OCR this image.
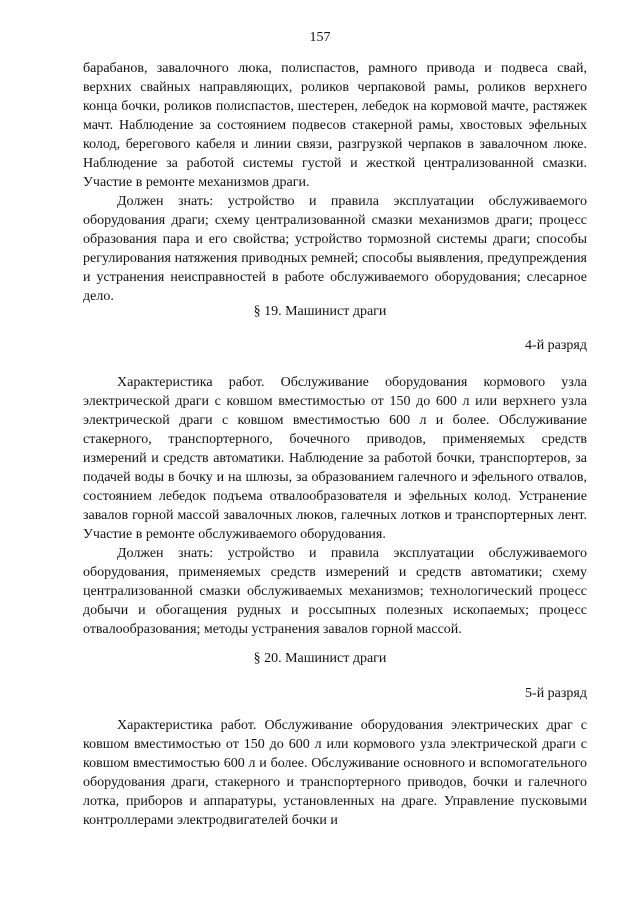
157

барабанов, завалочного люка, полиспастов, рамного привода и подвеса свай, верхних свайных направляющих, роликов черпаковой рамы, роликов верхнего конца бочки, роликов полиспастов, шестерен, лебедок на кормовой мачте, растяжек мачт. Наблюдение за состоянием подвесов стакерной рамы, хвостовых эфельных колод, берегового кабеля и линии связи, разгрузкой черпаков в завалочном люке. Наблюдение за работой системы густой и жесткой централизованной смазки. Участие в ремонте механизмов драги.

Должен знать: устройство и правила эксплуатации обслуживаемого оборудования драги; схему централизованной смазки механизмов драги; процесс образования пара и его свойства; устройство тормозной системы драги; способы регулирования натяжения приводных ремней; способы выявления, предупреждения и устранения неисправностей в работе обслуживаемого оборудования; слесарное дело.

§ 19. Машинист драги
4-й разряд

Характеристика работ. Обслуживание оборудования кормового узла электрической драги с ковшом вместимостью от 150 до 600 л или верхнего узла электрической драги с ковшом вместимостью 600 л и более. Обслуживание стакерного, транспортерного, бочечного приводов, применяемых средств измерений и средств автоматики. Наблюдение за работой бочки, транспортеров, за подачей воды в бочку и на шлюзы, за образованием галечного и эфельного отвалов, состоянием лебедок подъема отвалообразователя и эфельных колод. Устранение завалов горной массой завалочных люков, галечных лотков и транспортерных лент. Участие в ремонте обслуживаемого оборудования.

Должен знать: устройство и правила эксплуатации обслуживаемого оборудования, применяемых средств измерений и средств автоматики; схему централизованной смазки обслуживаемых механизмов; технологический процесс добычи и обогащения рудных и россыпных полезных ископаемых; процесс отвалообразования; методы устранения завалов горной массой.

§ 20. Машинист драги
5-й разряд

Характеристика работ. Обслуживание оборудования электрических драг с ковшом вместимостью от 150 до 600 л или кормового узла электрической драги с ковшом вместимостью 600 л и более. Обслуживание основного и вспомогательного оборудования драги, стакерного и транспортерного приводов, бочки и галечного лотка, приборов и аппаратуры, установленных на драге. Управление пусковыми контроллерами электродвигателей бочки и
